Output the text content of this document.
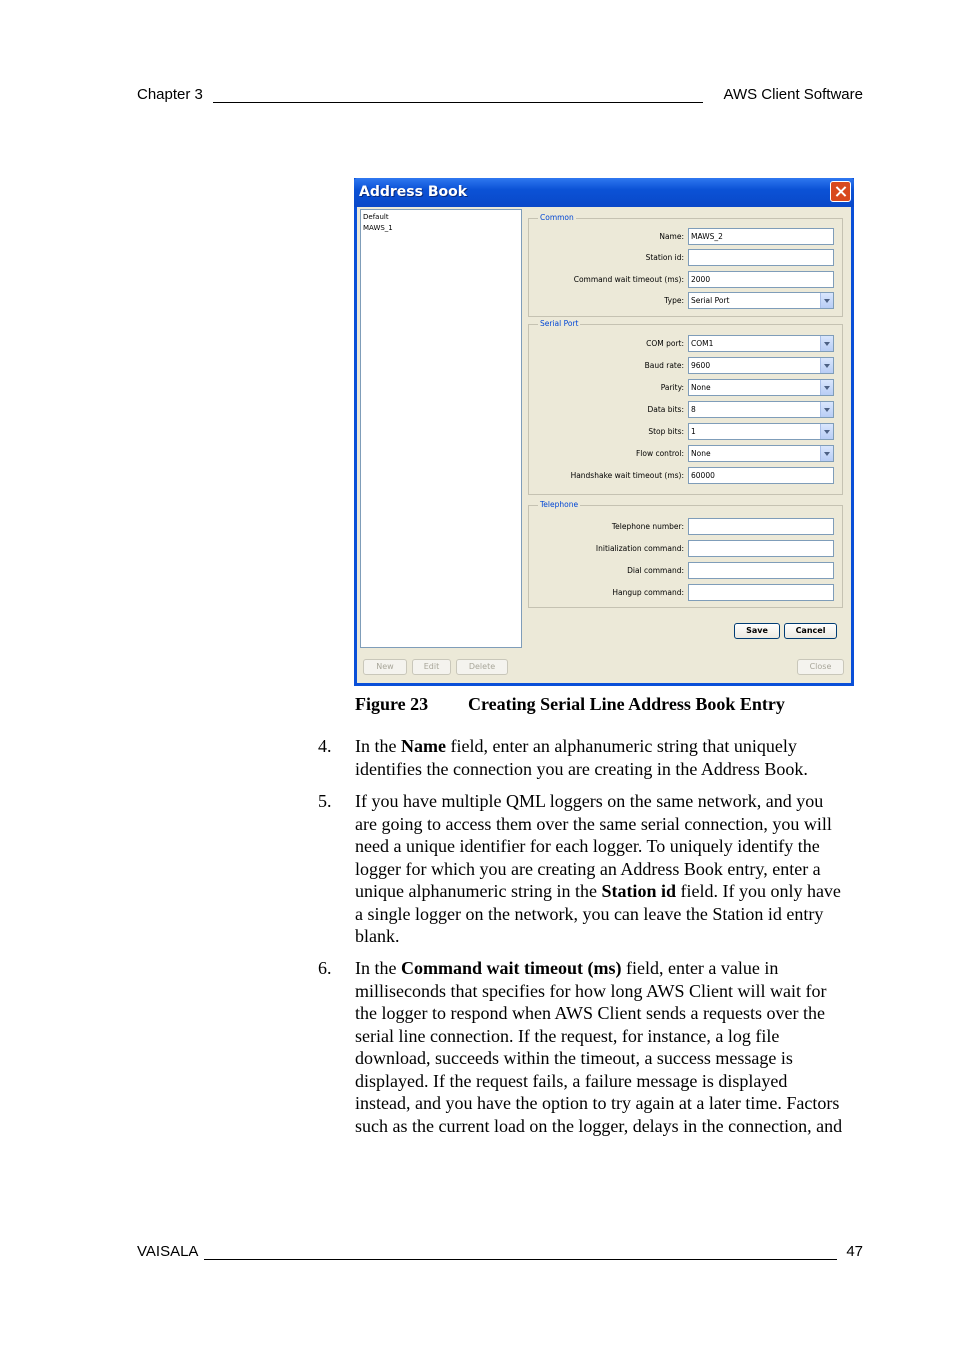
Chapter 3	AWS Client Software
Address Book
Default
MAWS_1
Common
Name: MAWS_2
Station id:
Command wait timeout (ms): 2000
Type: Serial Port
Serial Port
COM port: COM1
Baud rate: 9600
Parity: None
Data bits: 8
Stop bits: 1
Flow control: None
Handshake wait timeout (ms): 60000
Telephone
Telephone number:
Initialization command:
Dial command:
Hangup command:
Save	Cancel
New	Edit	Delete	Close
Figure 23 Creating Serial Line Address Book Entry
4. In the Name field, enter an alphanumeric string that uniquely

identifies the connection you are creating in the Address Book.

5. If you have multiple QML loggers on the same network, and you

are going to access them over the same serial connection, you will

need a unique identifier for each logger. To uniquely identify the

logger for which you are creating an Address Book entry, enter a

unique alphanumeric string in the Station id field. If you only have

a single logger on the network, you can leave the Station id entry

blank.

6. In the Command wait timeout (ms) field, enter a value in

milliseconds that specifies for how long AWS Client will wait for

the logger to respond when AWS Client sends a requests over the

serial line connection. If the request, for instance, a log file

download, succeeds within the timeout, a success message is

displayed. If the request fails, a failure message is displayed

instead, and you have the option to try again at a later time. Factors

such as the current load on the logger, delays in the connection, and

VAISALA	47
